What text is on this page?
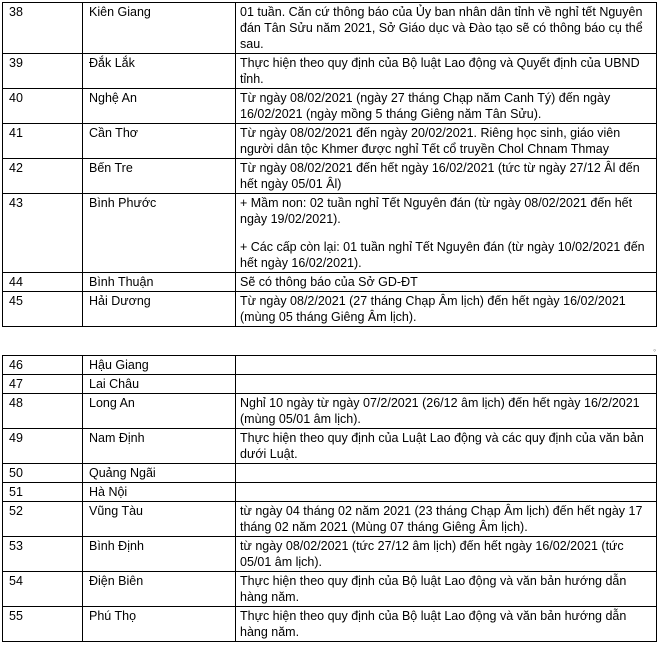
38	Kiên Giang	01 tuần. Căn cứ thông báo của Ủy ban nhân dân tỉnh về nghỉ tết Nguyên đán Tân Sửu năm 2021, Sở Giáo dục và Đào tạo sẽ có thông báo cụ thể sau.

39	Đắk Lắk	Thực hiện theo quy định của Bộ luật Lao động và Quyết định của UBND tỉnh.

40	Nghệ An	Từ ngày 08/02/2021 (ngày 27 tháng Chạp năm Canh Tý) đến ngày 16/02/2021 (ngày mồng 5 tháng Giêng năm Tân Sửu).

41	Cần Thơ	Từ ngày 08/02/2021 đến ngày 20/02/2021. Riêng học sinh, giáo viên người dân tộc Khmer được nghỉ Tết cổ truyền Chol Chnam Thmay

42	Bến Tre	Từ ngày 08/02/2021 đến hết ngày 16/02/2021 (tức từ ngày 27/12 Âl đến hết ngày 05/01 Âl)

43	Bình Phước	+ Mầm non: 02 tuần nghỉ Tết Nguyên đán (từ ngày 08/02/2021 đến hết ngày 19/02/2021).

+ Các cấp còn lại: 01 tuần nghỉ Tết Nguyên đán (từ ngày 10/02/2021 đến hết ngày 16/02/2021).

44	Bình Thuận	Sẽ có thông báo của Sở GD-ĐT

45	Hải Dương	Từ ngày 08/2/2021 (27 tháng Chạp Âm lịch) đến hết ngày 16/02/2021 (mùng 05 tháng Giêng Âm lịch).

◦
46	Hậu Giang	

47	Lai Châu	

48	Long An	Nghỉ 10 ngày từ ngày 07/2/2021 (26/12 âm lịch) đến hết ngày 16/2/2021 (mùng 05/01 âm lịch).

49	Nam Định	Thực hiện theo quy định của Luật Lao động và các quy định của văn bản dưới Luật.

50	Quảng Ngãi	

51	Hà Nội	

52	Vũng Tàu	từ ngày 04 tháng 02 năm 2021 (23 tháng Chạp Âm lịch) đến hết ngày 17 tháng 02 năm 2021 (Mùng 07 tháng Giêng Âm lịch).

53	Bình Định	từ ngày 08/02/2021 (tức 27/12 âm lịch) đến hết ngày 16/02/2021 (tức 05/01 âm lịch).

54	Điện Biên	Thực hiện theo quy định của Bộ luật Lao động và văn bản hướng dẫn hàng năm.

55	Phú Thọ	Thực hiện theo quy định của Bộ luật Lao động và văn bản hướng dẫn hàng năm.
